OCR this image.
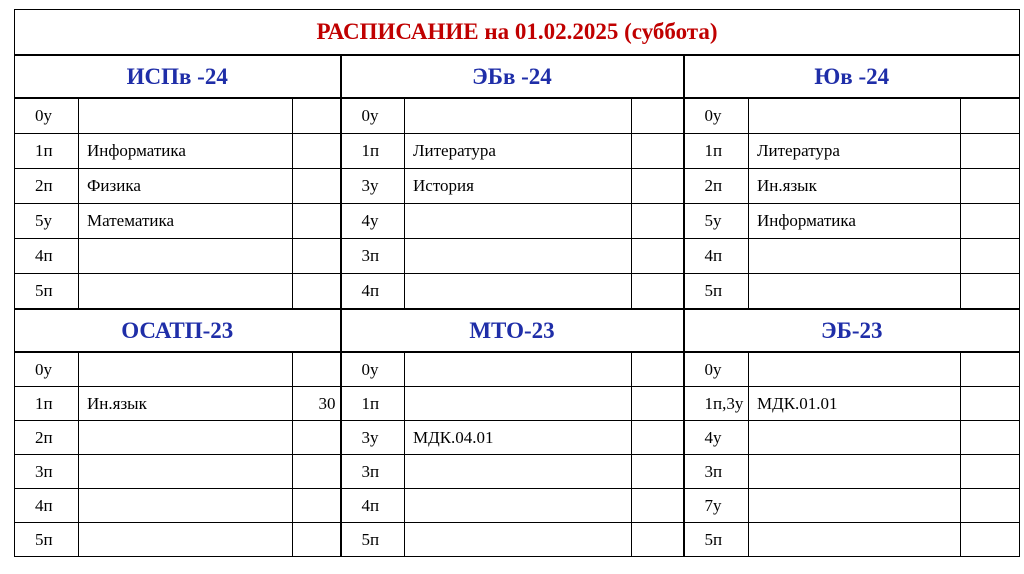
РАСПИСАНИЕ на 01.02.2025 (суббота)								
ИСПв -24			ЭБв -24			Юв -24		
0у			0у			0у		
1п	Информатика		1п	Литература		1п	Литература	
2п	Физика		3у	История		2п	Ин.язык	
5у	Математика		4у			5у	Информатика	
4п			3п			4п		
5п			4п			5п		
ОСАТП-23			МТО-23			ЭБ-23		
0у			0у			0у		
1п	Ин.язык	30	1п			1п,3у	МДК.01.01	
2п			3у	МДК.04.01		4у		
3п			3п			3п		
4п			4п			7у		
5п			5п			5п		
